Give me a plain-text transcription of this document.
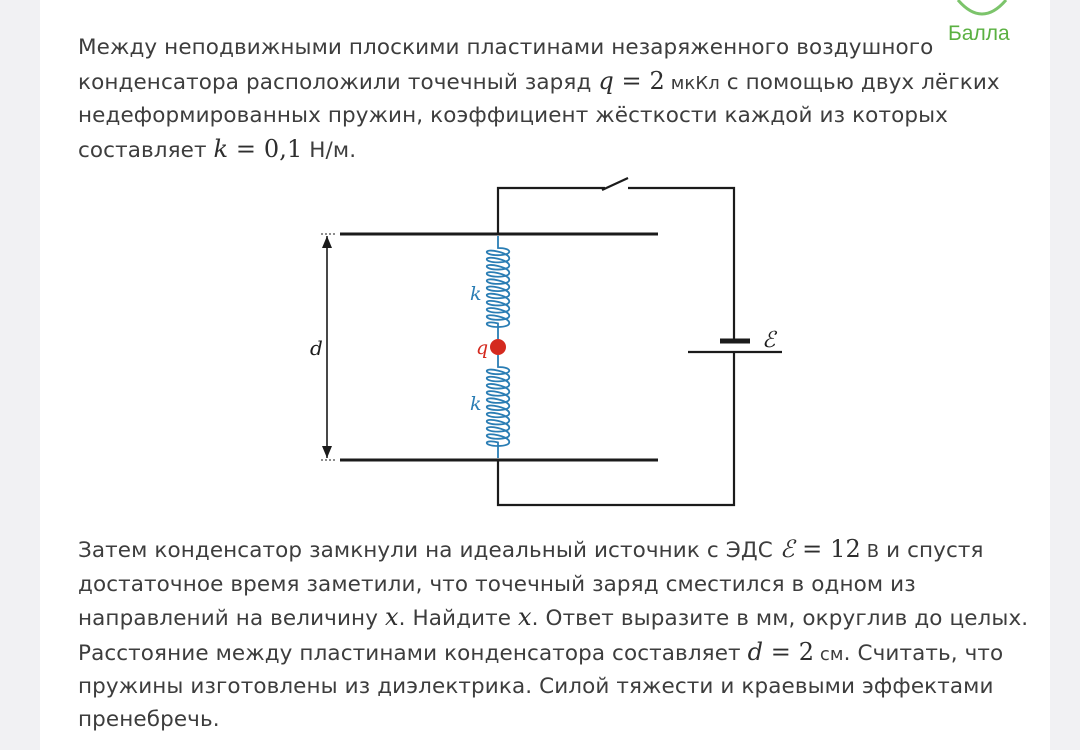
Балла

Между неподвижными плоскими пластинами незаряженного воздушного
конденсатора расположили точечный заряд q = 2 мкКл с помощью двух лёгких
недеформированных пружин, коэффициент жёсткости каждой из которых
составляет k = 0,1 Н/м.

ℰ
d
k
k
q

Затем конденсатор замкнули на идеальный источник с ЭДС ℰ = 12 В и спустя
достаточное время заметили, что точечный заряд сместился в одном из
направлений на величину x. Найдите x. Ответ выразите в мм, округлив до целых.
Расстояние между пластинами конденсатора составляет d = 2 см. Считать, что
пружины изготовлены из диэлектрика. Силой тяжести и краевыми эффектами
пренебречь.
